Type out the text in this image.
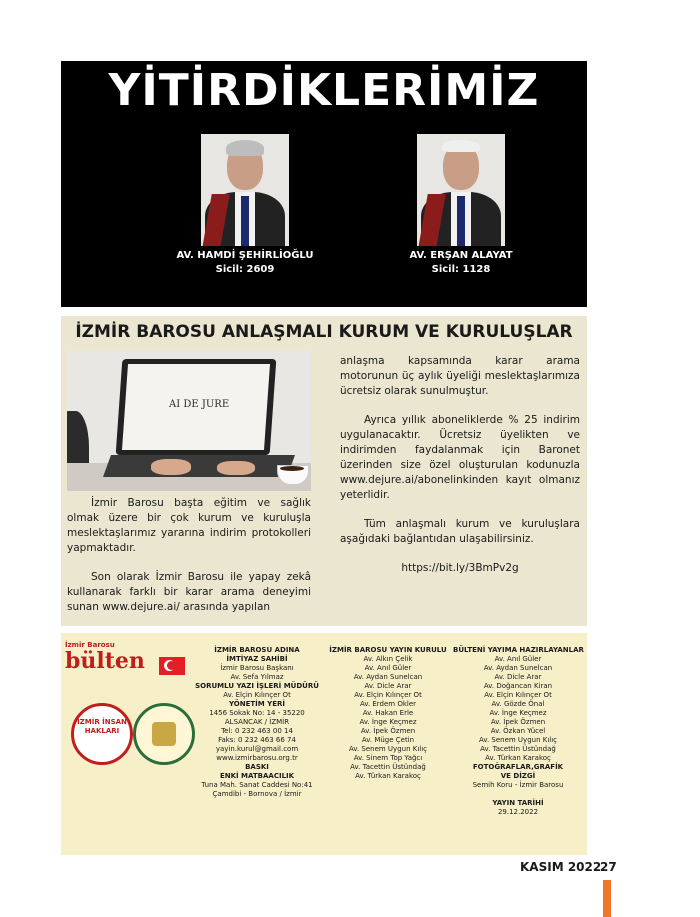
YİTİRDİKLERİMİZ
AV. HAMDİ ŞEHİRLİOĞLU
Sicil: 2609
AV. ERŞAN ALAYAT
Sicil: 1128
İZMİR BAROSU ANLAŞMALI KURUM VE KURULUŞLAR
AI DE JURE

İzmir Barosu başta eğitim ve sağlık olmak üzere bir çok kurum ve kuruluşla meslektaşlarımız yararına indirim protokolleri yapmaktadır.

Son olarak İzmir Barosu ile yapay zekâ kullanarak farklı bir karar arama deneyimi sunan www.dejure.ai/ arasında yapılan

anlaşma kapsamında karar arama motorunun üç aylık üyeliği meslektaşlarımıza ücretsiz olarak sunulmuştur.

Ayrıca yıllık aboneliklerde % 25 indirim uygulanacaktır. Ücretsiz üyelikten ve indirimden faydalanmak için Baronet üzerinden size özel oluşturulan kodunuzla www.dejure.ai/abonelinkinden kayıt olmanız yeterlidir.

Tüm anlaşmalı kurum ve kuruluşlara aşağıdaki bağlantıdan ulaşabilirsiniz.

https://bit.ly/3BmPv2g

İzmir Barosu
bülten
İZMİR İNSAN
HAKLARI
İZMİR BAROSU ADINA
İMTİYAZ SAHİBİ
İzmir Barosu Başkanı
Av. Sefa Yılmaz
SORUMLU YAZI İŞLERİ MÜDÜRÜ
Av. Elçin Kılınçer Ot
YÖNETİM YERİ
1456 Sokak No: 14 - 35220
ALSANCAK / İZMİR
Tel: 0 232 463 00 14
Faks: 0 232 463 66 74
yayin.kurul@gmail.com
www.izmirbarosu.org.tr
BASKI
ENKİ MATBAACILIK
Tuna Mah. Sanat Caddesi No:41
Çamdibi - Bornova / İzmir
İZMİR BAROSU YAYIN KURULU
Av. Alkın Çelik
Av. Anıl Güler
Av. Aydan Sunelcan
Av. Dicle Arar
Av. Elçin Kılınçer Ot
Av. Erdem Okler
Av. Hakan Erle
Av. İnge Keçmez
Av. İpek Özmen
Av. Müge Çetin
Av. Senem Uygun Kılıç
Av. Sinem Top Yağcı
Av. Tacettin Üstündağ
Av. Türkan Karakoç
BÜLTENİ YAYIMA HAZIRLAYANLAR
Av. Anıl Güler
Av. Aydan Sunelcan
Av. Dicle Arar
Av. Doğancan Kiran
Av. Elçin Kılınçer Ot
Av. Gözde Önal
Av. İnge Keçmez
Av. İpek Özmen
Av. Özkan Yücel
Av. Senem Uygun Kılıç
Av. Tacettin Üstündağ
Av. Türkan Karakoç
FOTOĞRAFLAR,GRAFİK
VE DİZGİ
Semih Koru - İzmir Barosu

YAYIN TARİHİ
29.12.2022
KASIM 2022
27
